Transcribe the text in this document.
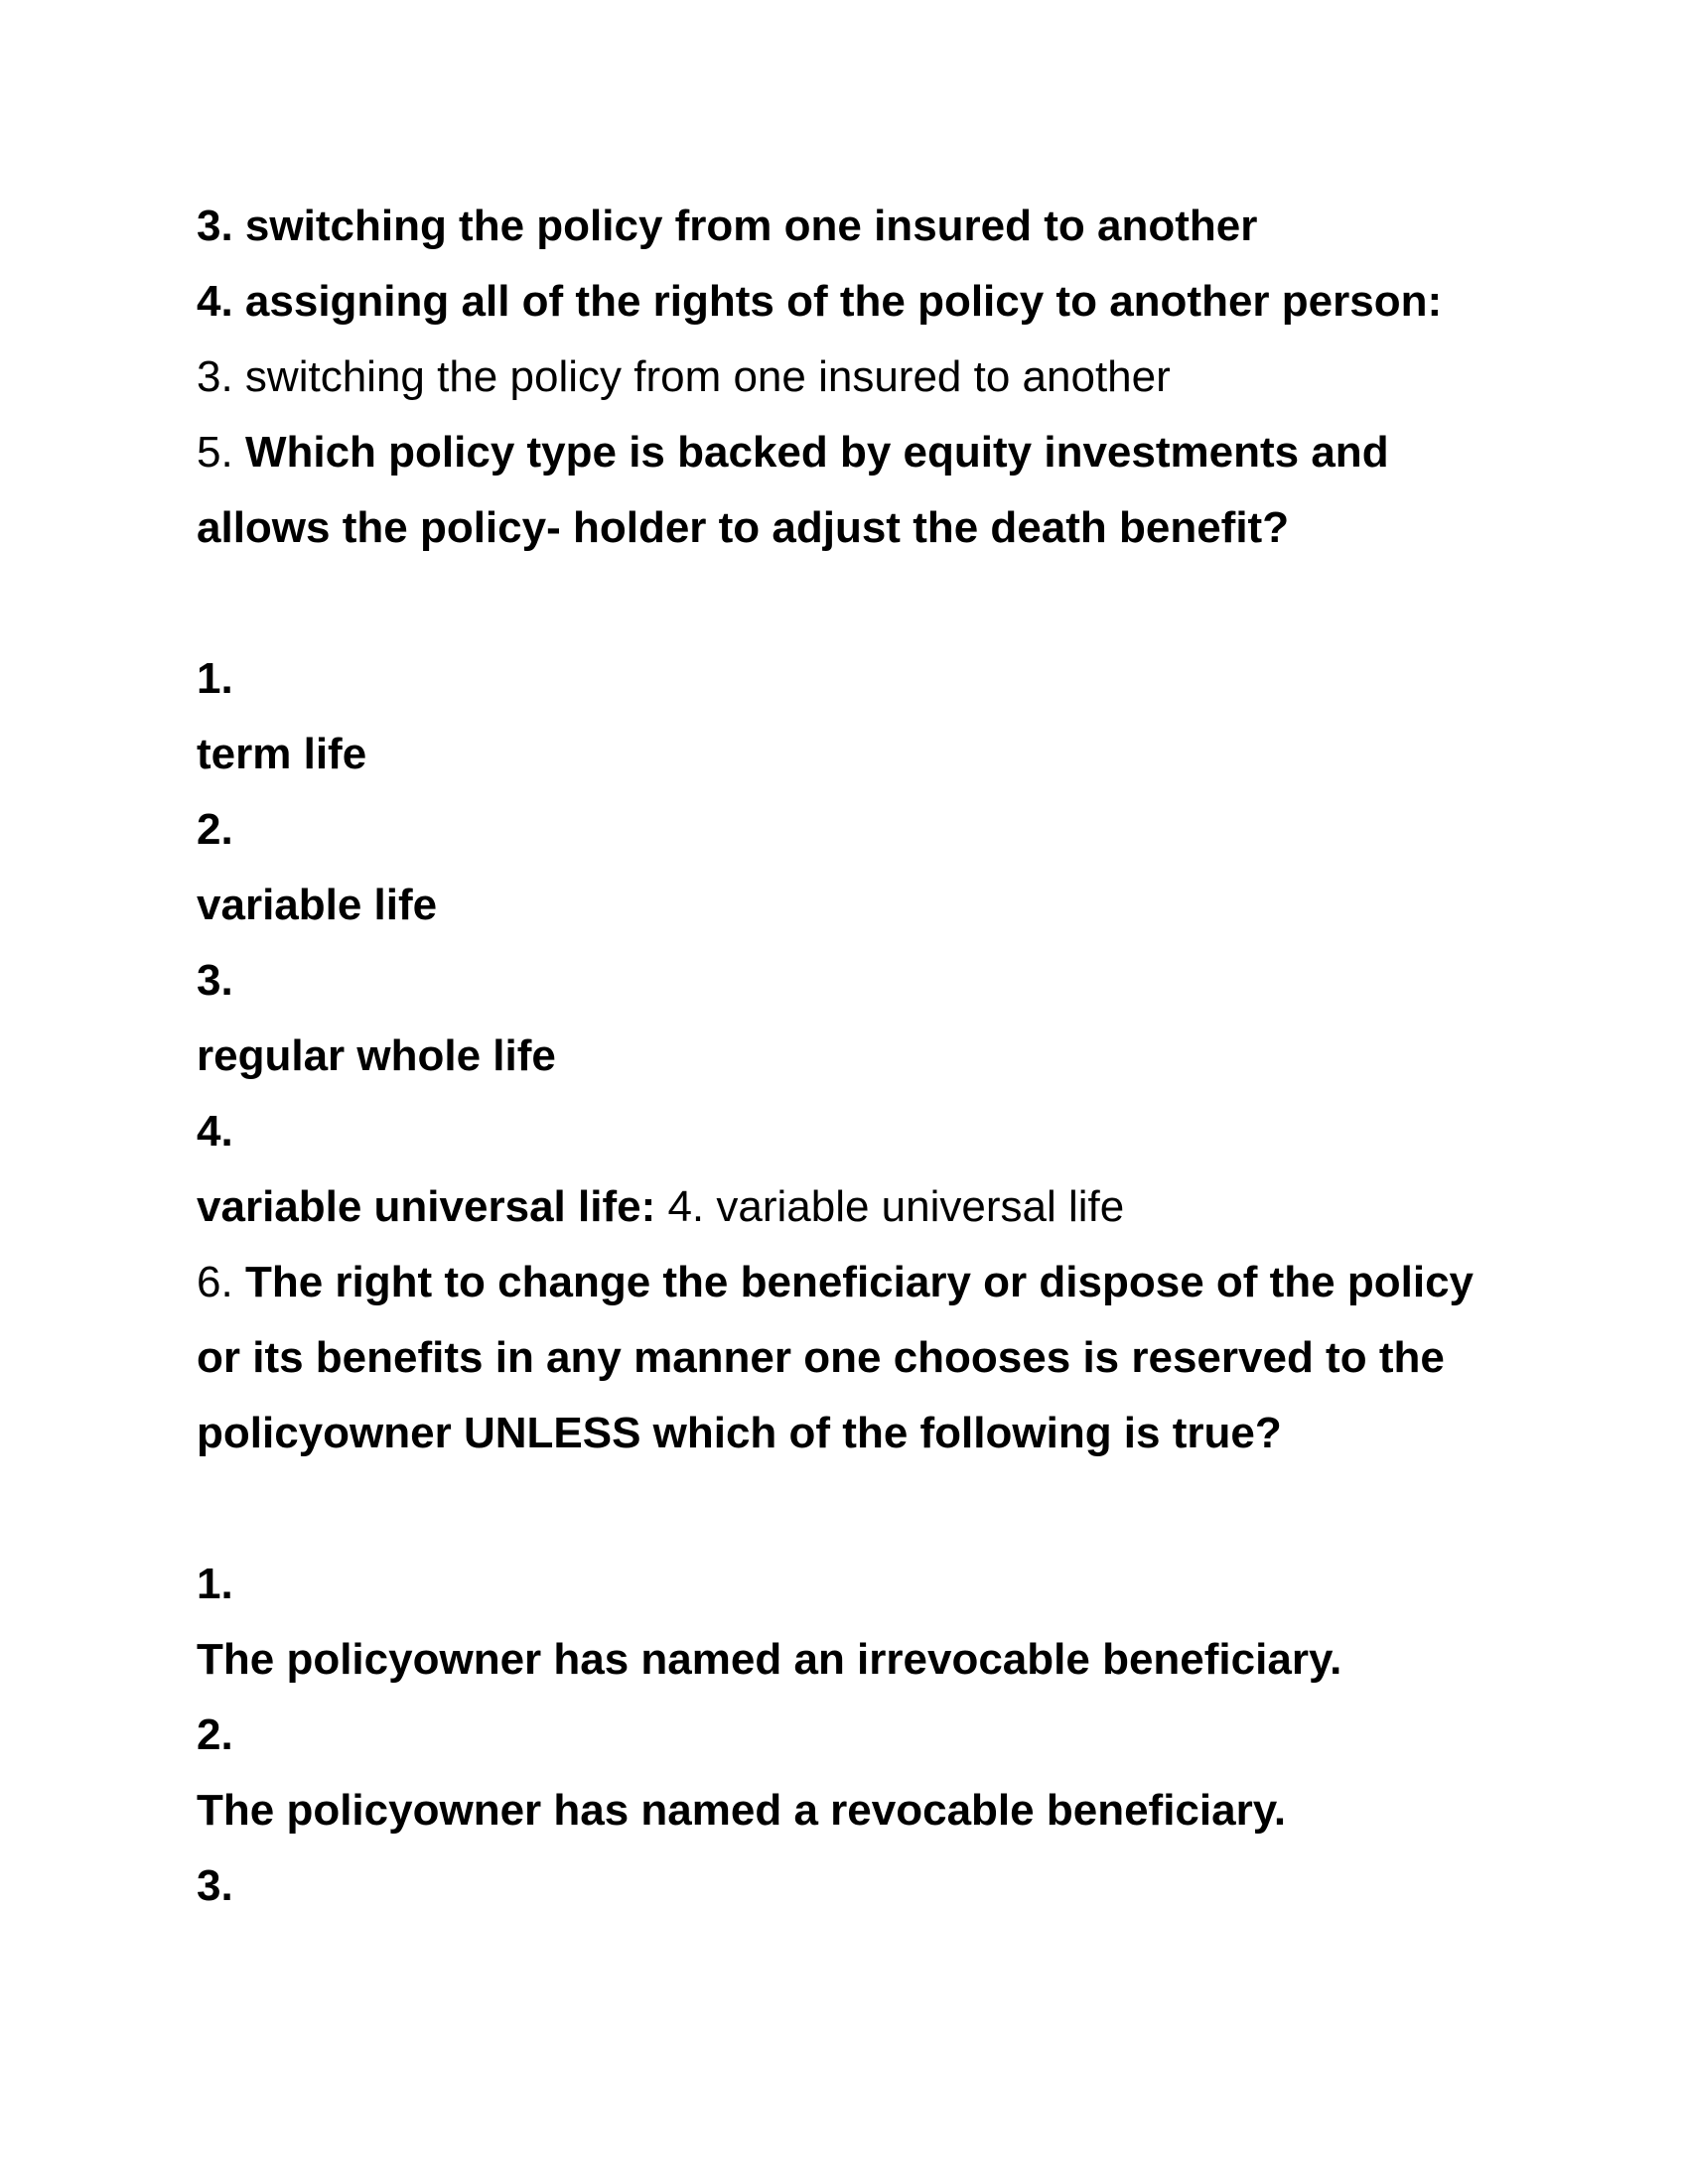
3. switching the policy from one insured to another
4. assigning all of the rights of the policy to another person:
3. switching the policy from one insured to another
5. Which policy type is backed by equity investments and
allows the policy- holder to adjust the death benefit?
1.
term life
2.
variable life
3.
regular whole life
4.
variable universal life: 4. variable universal life
6. The right to change the beneficiary or dispose of the policy
or its benefits in any manner one chooses is reserved to the
policyowner UNLESS which of the following is true?
1.
The policyowner has named an irrevocable beneficiary.
2.
The policyowner has named a revocable beneficiary.
3.
